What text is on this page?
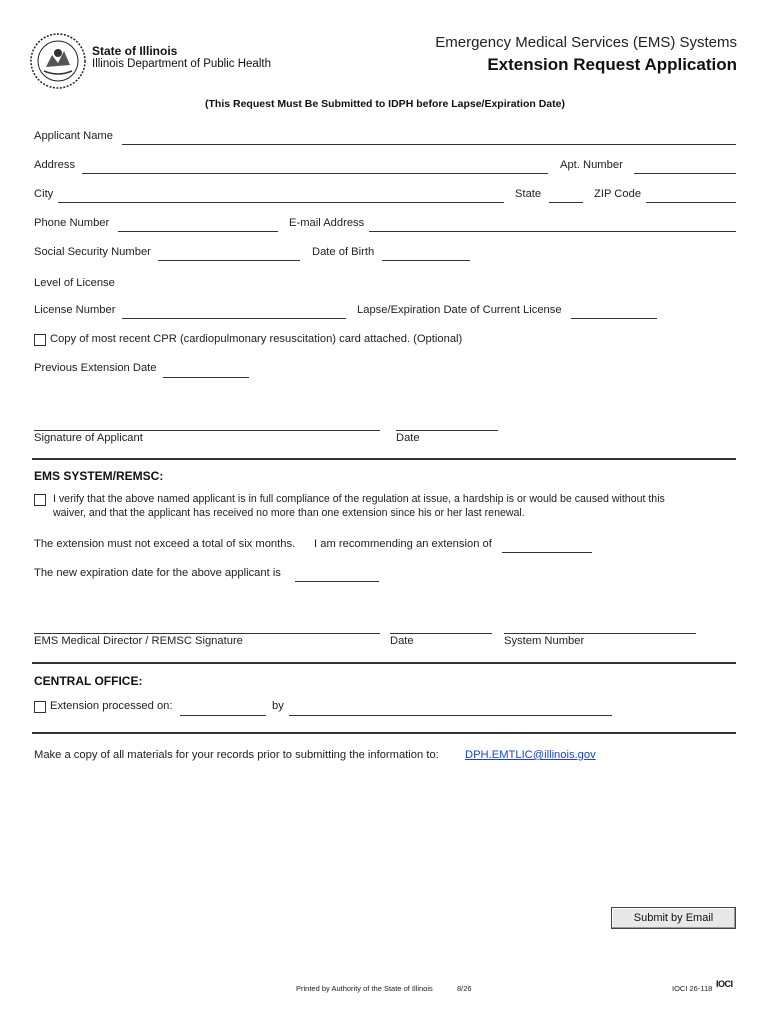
State of Illinois
Illinois Department of Public Health
Emergency Medical Services (EMS) Systems
Extension Request Application
(This Request Must Be Submitted to IDPH before Lapse/Expiration Date)
Applicant Name
Address	Apt. Number
City	State	ZIP Code
Phone Number	E-mail Address
Social Security Number	Date of Birth
Level of License
License Number	Lapse/Expiration Date of Current License
Copy of most recent CPR (cardiopulmonary resuscitation) card attached. (Optional)
Previous Extension Date
Signature of Applicant	Date
EMS SYSTEM/REMSC:
I verify that the above named applicant is in full compliance of the regulation at issue, a hardship is or would be caused without this
waiver, and that the applicant has received no more than one extension since his or her last renewal.
The extension must not exceed a total of six months. I am recommending an extension of
The new expiration date for the above applicant is
EMS Medical Director / REMSC Signature	Date	System Number
CENTRAL OFFICE:
Extension processed on:	by
Make a copy of all materials for your records prior to submitting the information to: DPH.EMTLIC@illinois.gov
Submit by Email
Printed by Authority of the State of Illinois	8/26	IOCI 26-118 IOCI
